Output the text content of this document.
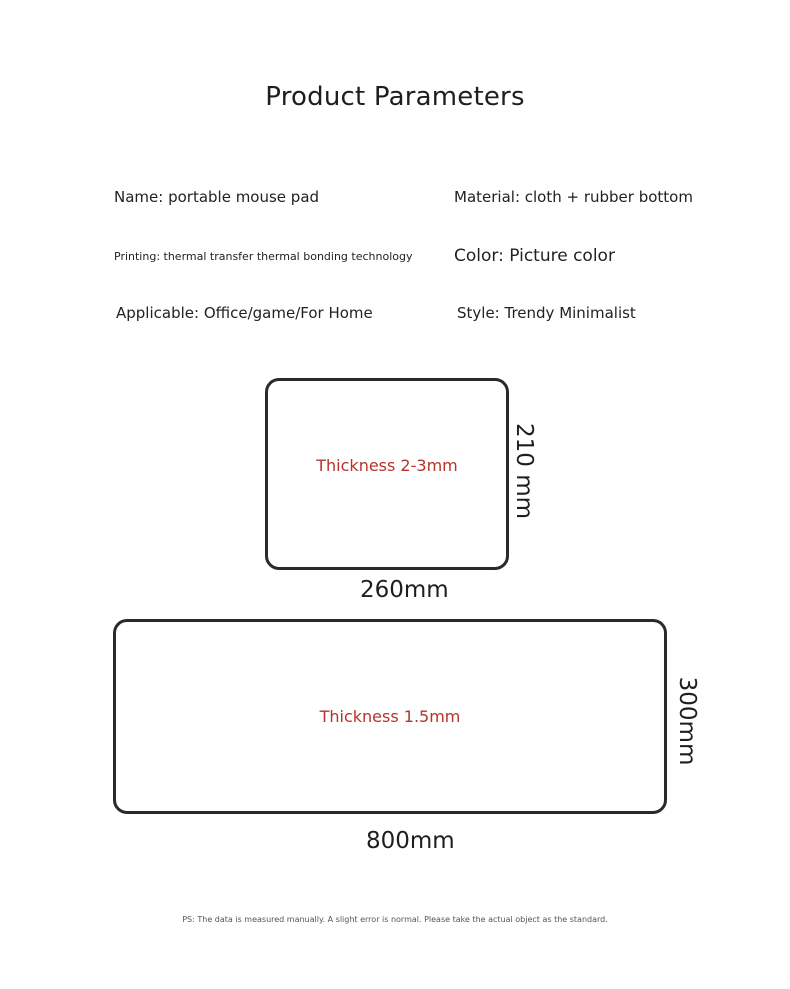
Product Parameters
Name: portable mouse pad	Material: cloth + rubber bottom
Printing: thermal transfer thermal bonding technology Color: Picture color
Applicable: Office/game/For Home	Style: Trendy Minimalist
Thickness 2-3mm	210 mm
260mm
Thickness 1.5mm	300mm
800mm
PS: The data is measured manually. A slight error is normal. Please take the actual object as the standard.
